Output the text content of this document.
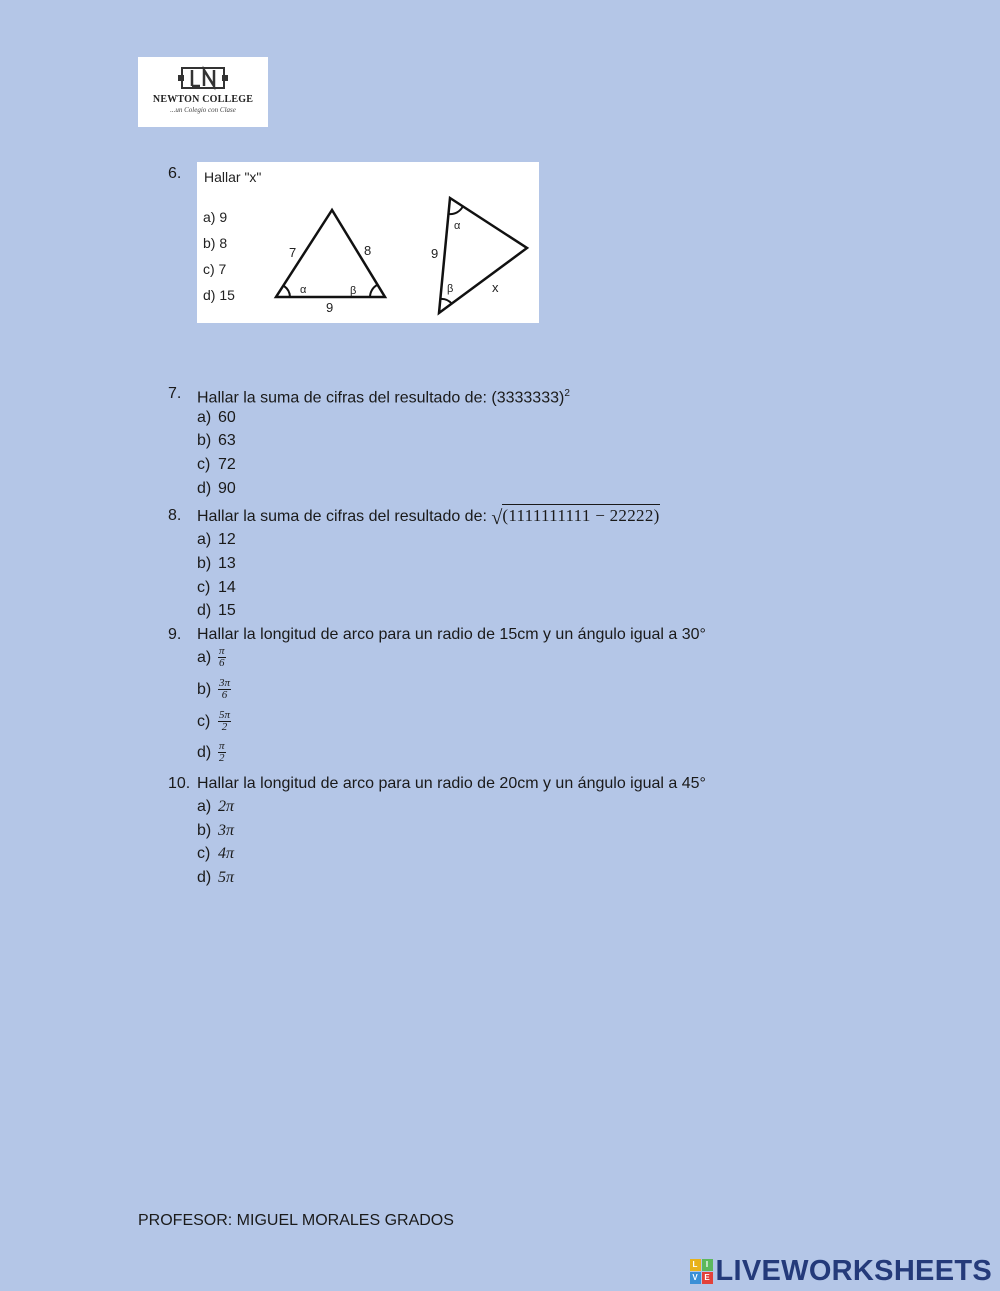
NEWTON COLLEGE
...un Colegio con Clase
6. Hallar "x"
a) 9
b) 8
c) 7
d) 15
7	8
9
α	β
α
β
9
x
7. Hallar la suma de cifras del resultado de: $(3333333)^2$
a) 60
b) 63
c) 72
d) 90
8. Hallar la suma de cifras del resultado de: √(1111111111 − 22222)
a) 12
b) 13
c) 14
d) 15
9. Hallar la longitud de arco para un radio de 15cm y un ángulo igual a 30°
$a) \frac{\pi}{6}$
$b) \frac{3\pi}{6}$
$c) \frac{5\pi}{2}$
$d) \frac{\pi}{2}$
10. Hallar la longitud de arco para un radio de 20cm y un ángulo igual a 45°
a) 2π
b) 3π
c) 4π
d) 5π
PROFESOR: MIGUEL MORALES GRADOS
L	I
V E LIVEWORKSHEETS
